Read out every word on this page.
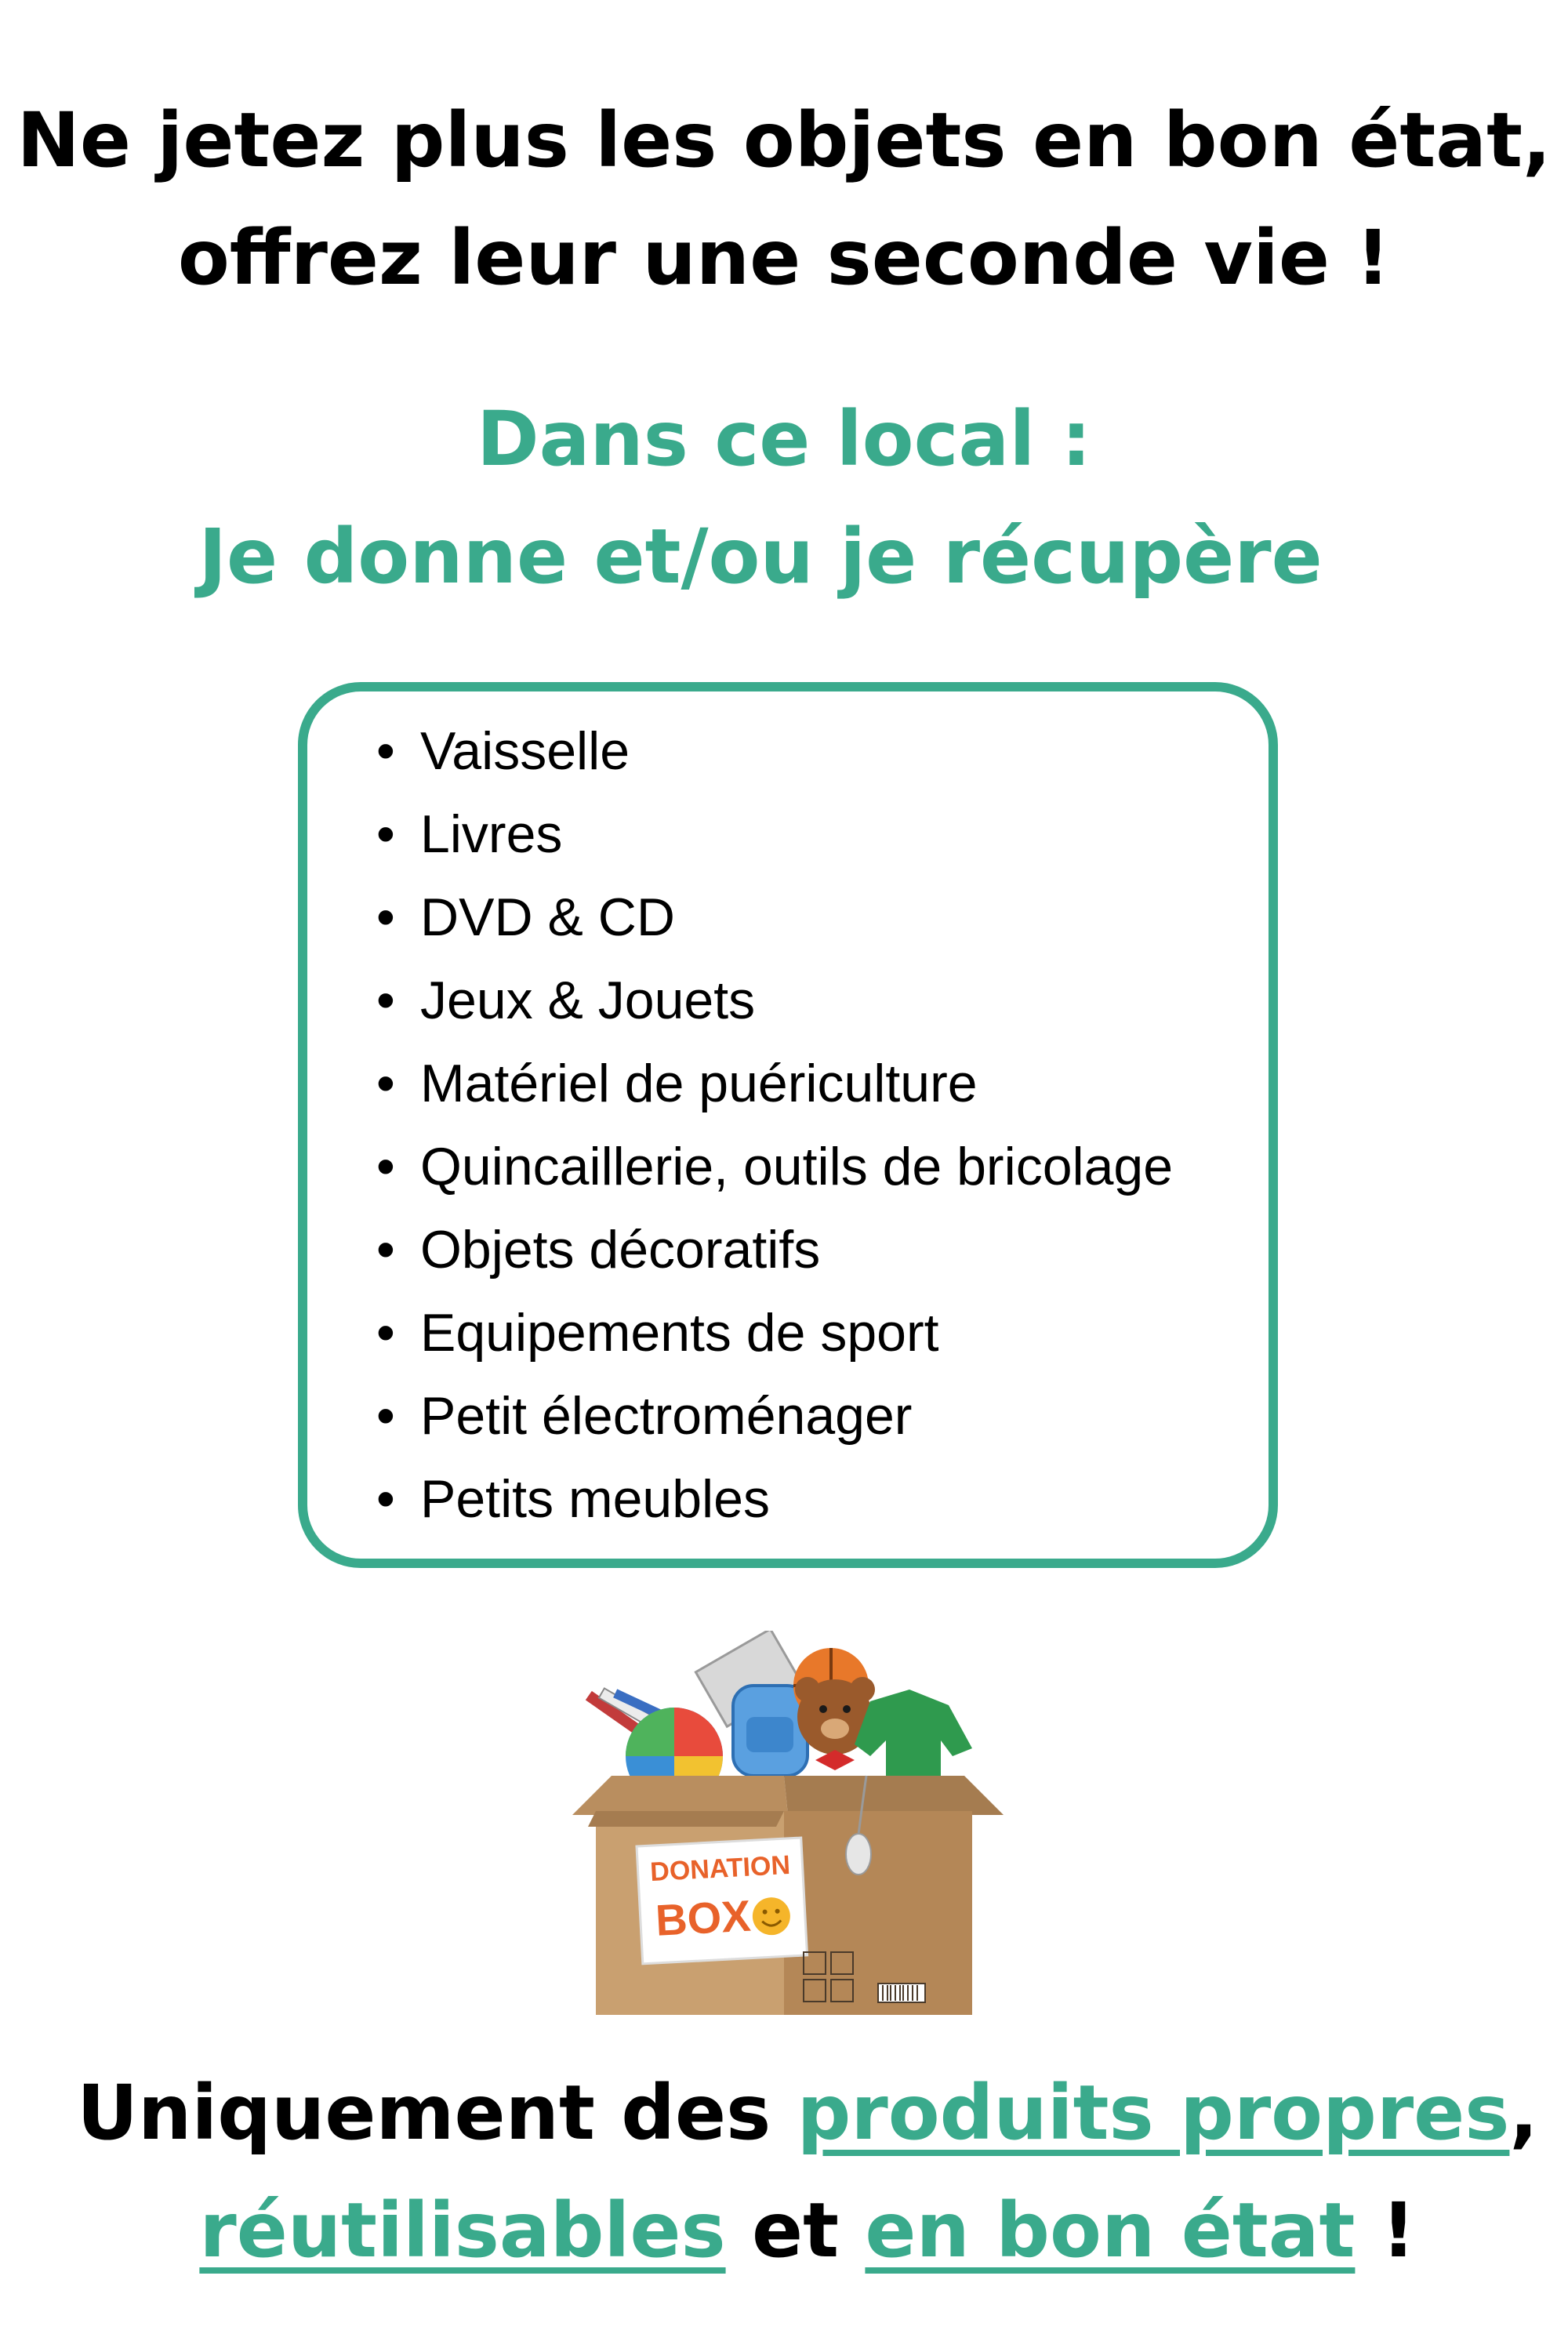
Ne jetez plus les objets en bon état,
offrez leur une seconde vie !
Dans ce local :
Je donne et/ou je récupère
• Vaisselle
• Livres
• DVD & CD
• Jeux & Jouets
• Matériel de puériculture
• Quincaillerie, outils de bricolage
• Objets décoratifs
• Equipements de sport
• Petit électroménager
• Petits meubles
DONATION
BOX
Uniquement des produits propres,
réutilisables et en bon état !
